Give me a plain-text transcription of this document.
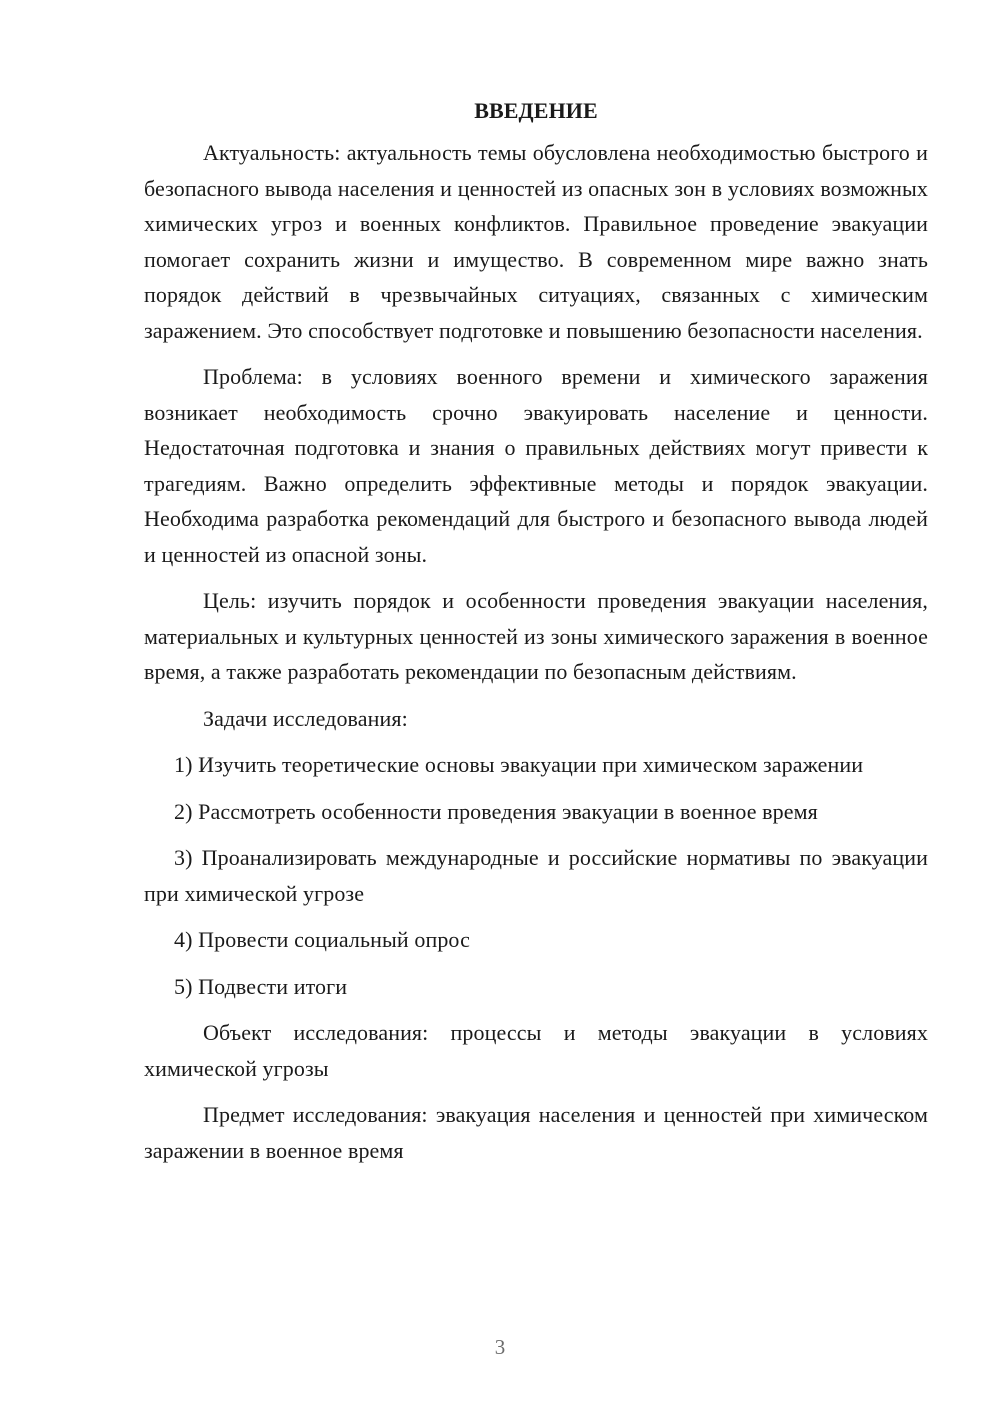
ВВЕДЕНИЕ

Актуальность: актуальность темы обусловлена необходимостью быстрого и безопасного вывода населения и ценностей из опасных зон в условиях возможных химических угроз и военных конфликтов. Правильное проведение эвакуации помогает сохранить жизни и имущество. В современном мире важно знать порядок действий в чрезвычайных ситуациях, связанных с химическим заражением. Это способствует подготовке и повышению безопасности населения.

Проблема: в условиях военного времени и химического заражения возникает необходимость срочно эвакуировать население и ценности. Недостаточная подготовка и знания о правильных действиях могут привести к трагедиям. Важно определить эффективные методы и порядок эвакуации. Необходима разработка рекомендаций для быстрого и безопасного вывода людей и ценностей из опасной зоны.

Цель: изучить порядок и особенности проведения эвакуации населения, материальных и культурных ценностей из зоны химического заражения в военное время, а также разработать рекомендации по безопасным действиям.

Задачи исследования:

1) Изучить теоретические основы эвакуации при химическом заражении

2) Рассмотреть особенности проведения эвакуации в военное время

3) Проанализировать международные и российские нормативы по эвакуации при химической угрозе

4) Провести социальный опрос

5) Подвести итоги

Объект исследования: процессы и методы эвакуации в условиях химической угрозы

Предмет исследования: эвакуация населения и ценностей при химическом заражении в военное время

3
